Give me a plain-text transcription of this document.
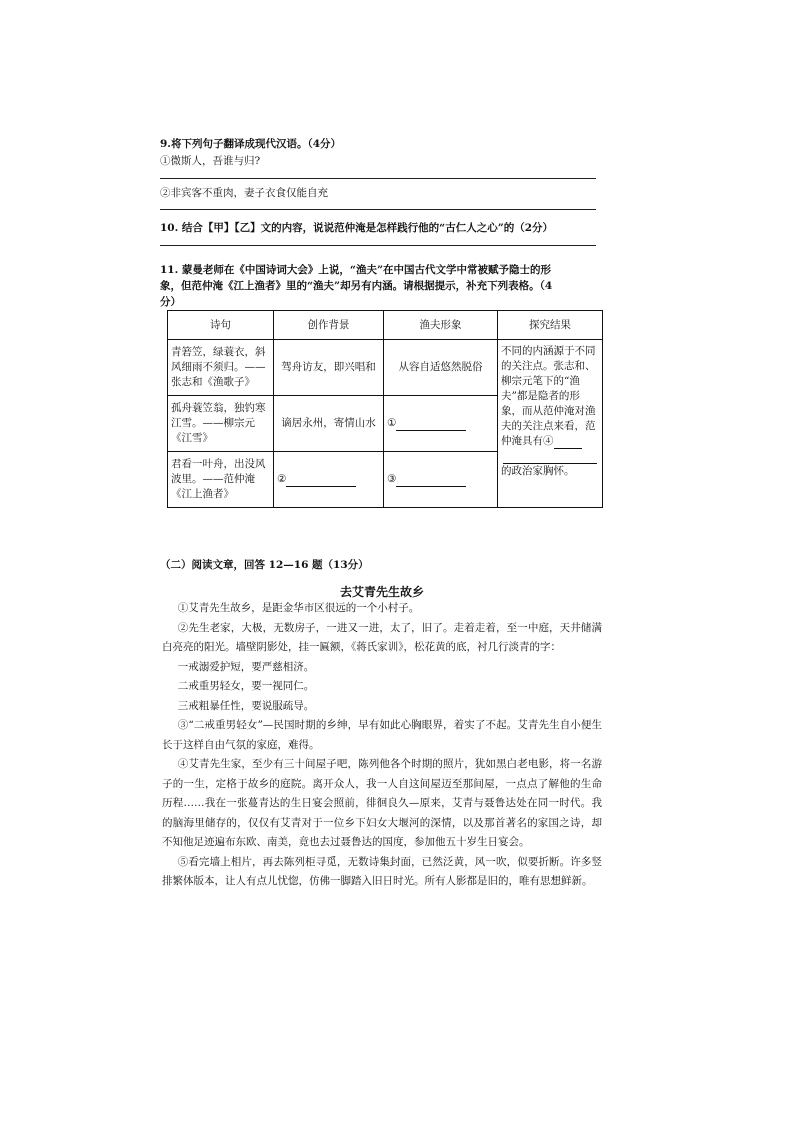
9.将下列句子翻译成现代汉语。（4分）
①微斯人，吾谁与归?
②非宾客不重肉，妻子衣食仅能自充
10. 结合【甲】【乙】文的内容，说说范仲淹是怎样践行他的“古仁人之心”的（2分）
11. 蒙曼老师在《中国诗词大会》上说，“渔夫”在中国古代文学中常被赋予隐士的形
象，但范仲淹《江上渔者》里的“渔夫”却另有内涵。请根据提示，补充下列表格。（4
分）
诗句	创作背景	渔夫形象	探究结果
青箬笠，绿蓑衣，斜风细雨不须归。——张志和《渔歌子》	驾舟访友，即兴唱和	从容自适悠然脱俗	不同的内涵源于不同的关注点。张志和、柳宗元笔下的“渔夫”都是隐者的形象，而从范仲淹对渔夫的关注点来看，范仲淹具有④
的政治家胸怀。
孤舟蓑笠翁，独钓寒江雪。——柳宗元《江雪》	谪居永州，寄情山水	①	
君看一叶舟，出没风波里。——范仲淹《江上渔者》	②	③	
（二）阅读文章，回答 12—16 题（13分）
去艾青先生故乡

①艾青先生故乡，是距金华市区很远的一个小村子。

②先生老家，大极，无数房子，一进又一进，太了，旧了。走着走着，至一中庭，天井储满白亮亮的阳光。墙壁阴影处，挂一匾额，《蒋氏家训》，松花黄的底，衬几行淡青的字：

一戒溺爱护短，要严慈相济。

二戒重男轻女，要一视同仁。

三戒粗暴任性，要说服疏导。

③“二戒重男轻女”—民国时期的乡绅，早有如此心胸眼界，着实了不起。艾青先生自小便生长于这样自由气氛的家庭，难得。

④艾青先生家，至少有三十间屋子吧，陈列他各个时期的照片，犹如黑白老电影，将一名游子的一生，定格于故乡的庭院。离开众人，我一人自这间屋迈至那间屋，一点点了解他的生命历程……我在一张蔓青达的生日宴会照前，徘徊良久—原来，艾青与聂鲁达处在同一时代。我的脑海里储存的，仅仅有艾青对于一位乡下妇女大堰河的深情，以及那首著名的家国之诗，却不知他足迹遍布东欧、南美，竟也去过聂鲁达的国度，参加他五十岁生日宴会。

⑤看完墙上相片，再去陈列柜寻觅，无数诗集封面，已然泛黄，风一吹，似要折断。许多竖排繁体版本，让人有点儿忧惚，仿佛一脚踏入旧日时光。所有人影都是旧的，唯有思想鲜新。
